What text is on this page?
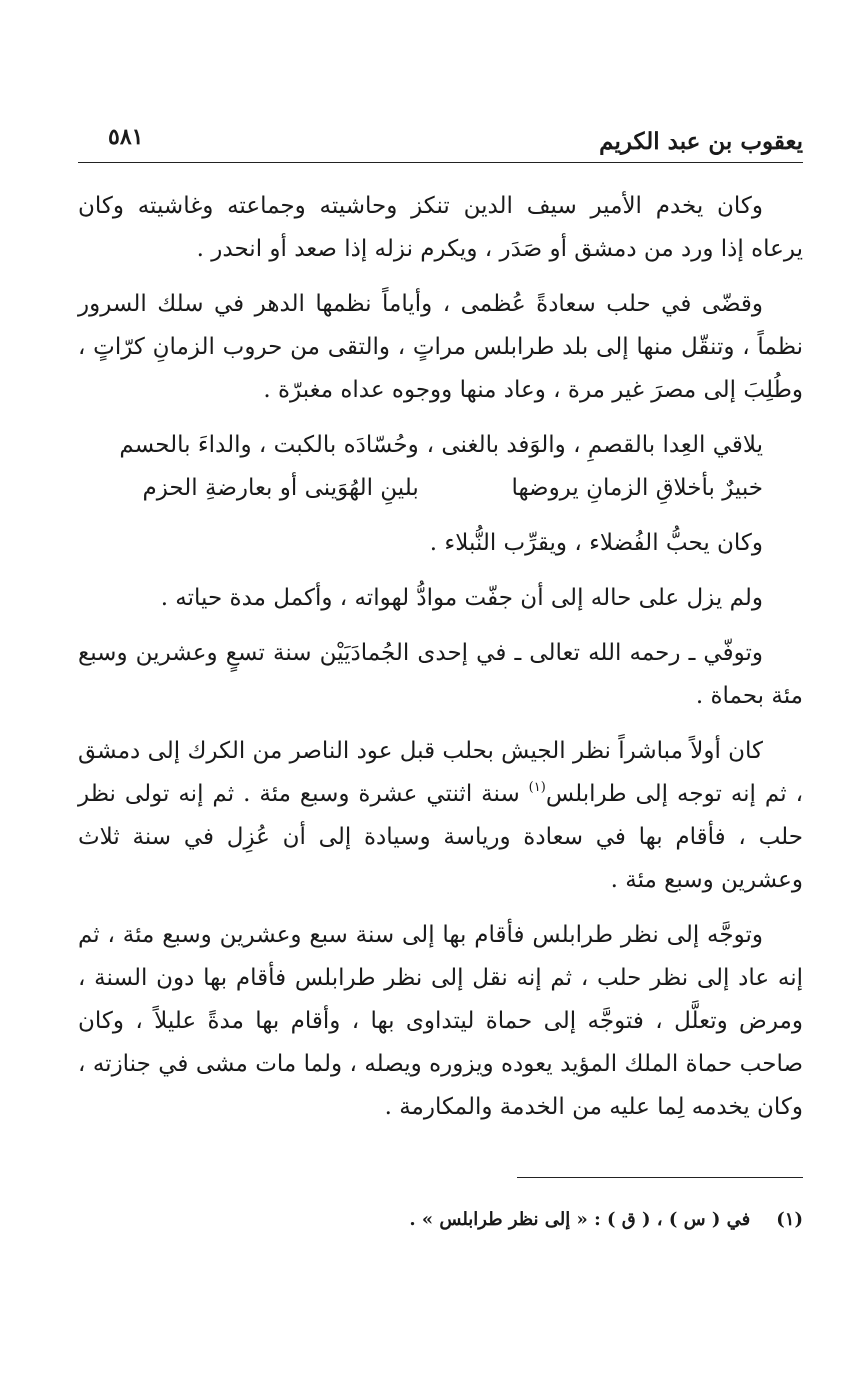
يعقوب بن عبد الكريم
٥٨١

وكان يخدم الأمير سيف الدين تنكز وحاشيته وجماعته وغاشيته وكان يرعاه إذا ورد من دمشق أو صَدَر ، ويكرم نزله إذا صعد أو انحدر .

وقضّى في حلب سعادةً عُظمى ، وأياماً نظمها الدهر في سلك السرور نظماً ، وتنقّل منها إلى بلد طرابلس مراتٍ ، والتقى من حروب الزمانِ كرّاتٍ ، وطُلِبَ إلى مصرَ غير مرة ، وعاد منها ووجوه عداه مغبرّة .

يلاقي العِدا بالقصمِ ، والوَفد بالغنى ،
وحُسّادَه بالكبت ، والداءَ بالحسم
خبيرٌ بأخلاقِ الزمانِ يروضها
بلينِ الهُوَينى أو بعارضةِ الحزم

وكان يحبُّ الفُضلاء ، ويقرِّب النُّبلاء .

ولم يزل على حاله إلى أن جفّت موادُّ لهواته ، وأكمل مدة حياته .

وتوفّي ـ رحمه الله تعالى ـ في إحدى الجُمادَيَيْن سنة تسعٍ وعشرين وسبع مئة بحماة .

كان أولاً مباشراً نظر الجيش بحلب قبل عود الناصر من الكرك إلى دمشق ، ثم إنه توجه إلى طرابلس$^{(١)}$ سنة اثنتي عشرة وسبع مئة . ثم إنه تولى نظر حلب ، فأقام بها في سعادة ورياسة وسيادة إلى أن عُزِل في سنة ثلاث وعشرين وسبع مئة .

وتوجَّه إلى نظر طرابلس فأقام بها إلى سنة سبع وعشرين وسبع مئة ، ثم إنه عاد إلى نظر حلب ، ثم إنه نقل إلى نظر طرابلس فأقام بها دون السنة ، ومرض وتعلَّل ، فتوجَّه إلى حماة ليتداوى بها ، وأقام بها مدةً عليلاً ، وكان صاحب حماة الملك المؤيد يعوده ويزوره ويصله ، ولما مات مشى في جنازته ، وكان يخدمه لِما عليه من الخدمة والمكارمة .

(١)في ( س ) ، ( ق ) : « إلى نظر طرابلس » .
